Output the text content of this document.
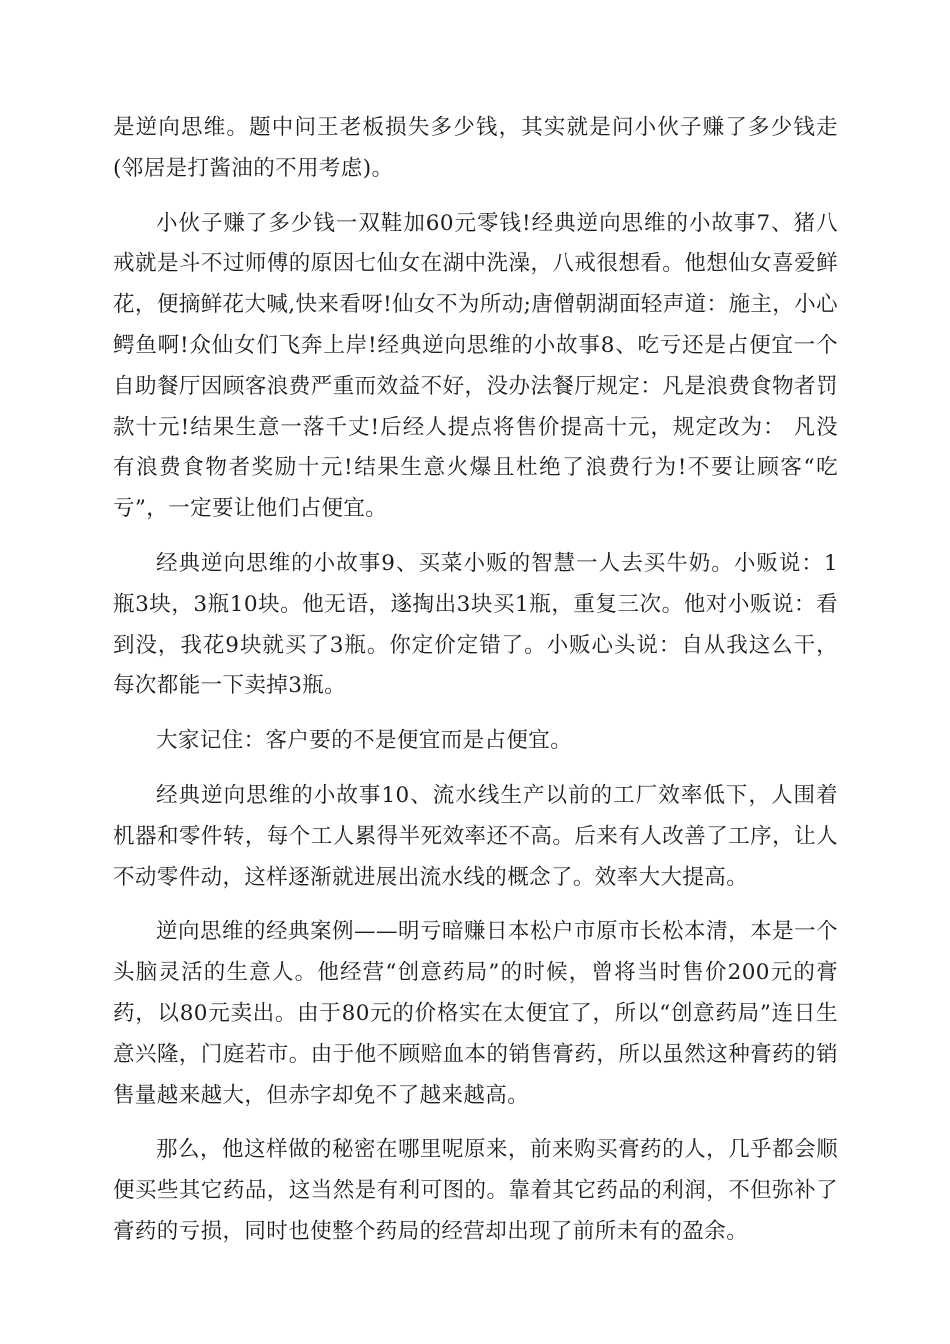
是逆向思维。题中问王老板损失多少钱，其实就是问小伙子赚了多少钱走(邻居是打酱油的不用考虑)。

小伙子赚了多少钱一双鞋加60元零钱!经典逆向思维的小故事7、猪八戒就是斗不过师傅的原因七仙女在湖中洗澡，八戒很想看。他想仙女喜爱鲜花，便摘鲜花大喊,快来看呀!仙女不为所动;唐僧朝湖面轻声道：施主，小心鳄鱼啊!众仙女们飞奔上岸!经典逆向思维的小故事8、吃亏还是占便宜一个自助餐厅因顾客浪费严重而效益不好，没办法餐厅规定：凡是浪费食物者罚款十元!结果生意一落千丈!后经人提点将售价提高十元，规定改为： 凡没有浪费食物者奖励十元!结果生意火爆且杜绝了浪费行为!不要让顾客“吃亏”，一定要让他们占便宜。

经典逆向思维的小故事9、买菜小贩的智慧一人去买牛奶。小贩说：1瓶3块，3瓶10块。他无语，遂掏出3块买1瓶，重复三次。他对小贩说：看到没，我花9块就买了3瓶。你定价定错了。小贩心头说：自从我这么干，每次都能一下卖掉3瓶。

大家记住：客户要的不是便宜而是占便宜。

经典逆向思维的小故事10、流水线生产以前的工厂效率低下，人围着机器和零件转，每个工人累得半死效率还不高。后来有人改善了工序，让人不动零件动，这样逐渐就进展出流水线的概念了。效率大大提高。

逆向思维的经典案例——明亏暗赚日本松户市原市长松本清，本是一个头脑灵活的生意人。他经营“创意药局”的时候，曾将当时售价200元的膏药，以80元卖出。由于80元的价格实在太便宜了，所以“创意药局”连日生意兴隆，门庭若市。由于他不顾赔血本的销售膏药，所以虽然这种膏药的销售量越来越大，但赤字却免不了越来越高。

那么，他这样做的秘密在哪里呢原来，前来购买膏药的人，几乎都会顺便买些其它药品，这当然是有利可图的。靠着其它药品的利润，不但弥补了膏药的亏损，同时也使整个药局的经营却出现了前所未有的盈余。
